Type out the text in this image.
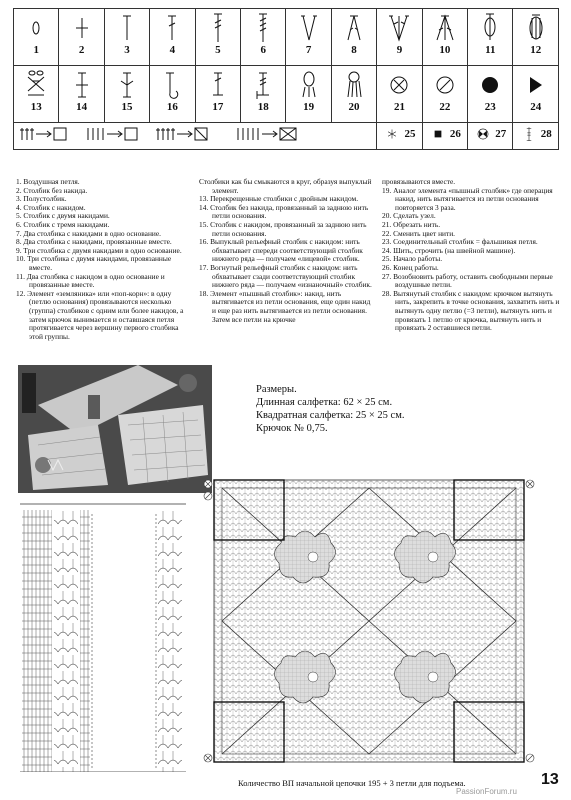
1	2	3	4	5	6	7	8	9	10	11	12

13	14	15	16	17	18	19	20	21	22	23	24

25	26	27	28
1. Воздушная петля.
2. Столбик без накида.
3. Полустолбик.
4. Столбик с накидом.
5. Столбик с двумя накидами.
6. Столбик с тремя накидами.
7. Два столбика с накидами в одно основание.
8. Два столбика с накидами, провязанные вместе.
9. Три столбика с двумя накидами в одно основание.
10. Три столбика с двумя накидами, провязанные вместе.
11. Два столбика с накидом в одно основание и провязанные вместе.
12. Элемент «земляника» или «поп-корн»: в одну (петлю основания) провязываются несколько (группа) столбиков с одним или более накидов, а затем крючок вынимается и оставшаяся петля протягивается через вершину первого столбика этой группы.
Столбики как бы смыкаются в круг, образуя выпуклый элемент.
13. Перекрещенные столбики с двойным накидом.
14. Столбик без накида, провязанный за заднюю нить петли основания.
15. Столбик с накидом, провязанный за заднюю нить петли основания.
16. Выпуклый рельефный столбик с накидом: нить обхватывает спереди соответствующий столбик нижнего ряда — получаем «лицевой» столбик.
17. Вогнутый рельефный столбик с накидом: нить обхватывает сзади соответствующий столбик нижнего ряда — получаем «изнаночный» столбик.
18. Элемент «пышный столбик»: накид, нить вытягивается из петли основания, еще один накид и еще раз нить вытягивается из петли основания. Затем все петли на крючке
провязываются вместе.
19. Аналог элемента «пышный столбик» где операция накид, нить вытягивается из петли основания повторяется 3 раза.
20. Сделать узел.
21. Обрезать нить.
22. Сменить цвет нити.
23. Соединительный столбик = фальшивая петля.
24. Шить, строчить (на швейной машине).
25. Начало работы.
26. Конец работы.
27. Возобновить работу, оставить свободными первые воздушные петли.
28. Вытянутый столбик с накидом: крючком вытянуть нить, закрепить в точке основания, захватить нить и вытянуть одну петлю (=3 петли), вытянуть нить и провязать 1 петлю от крючка, вытянуть нить и провязать 2 оставшиеся петли.
Размеры.
Длинная салфетка: 62 × 25 см.
Квадратная салфетка: 25 × 25 см.
Крючок № 0,75.
Количество ВП начальной цепочки 195 + 3 петли для подъема.	13
PassionForum.ru
